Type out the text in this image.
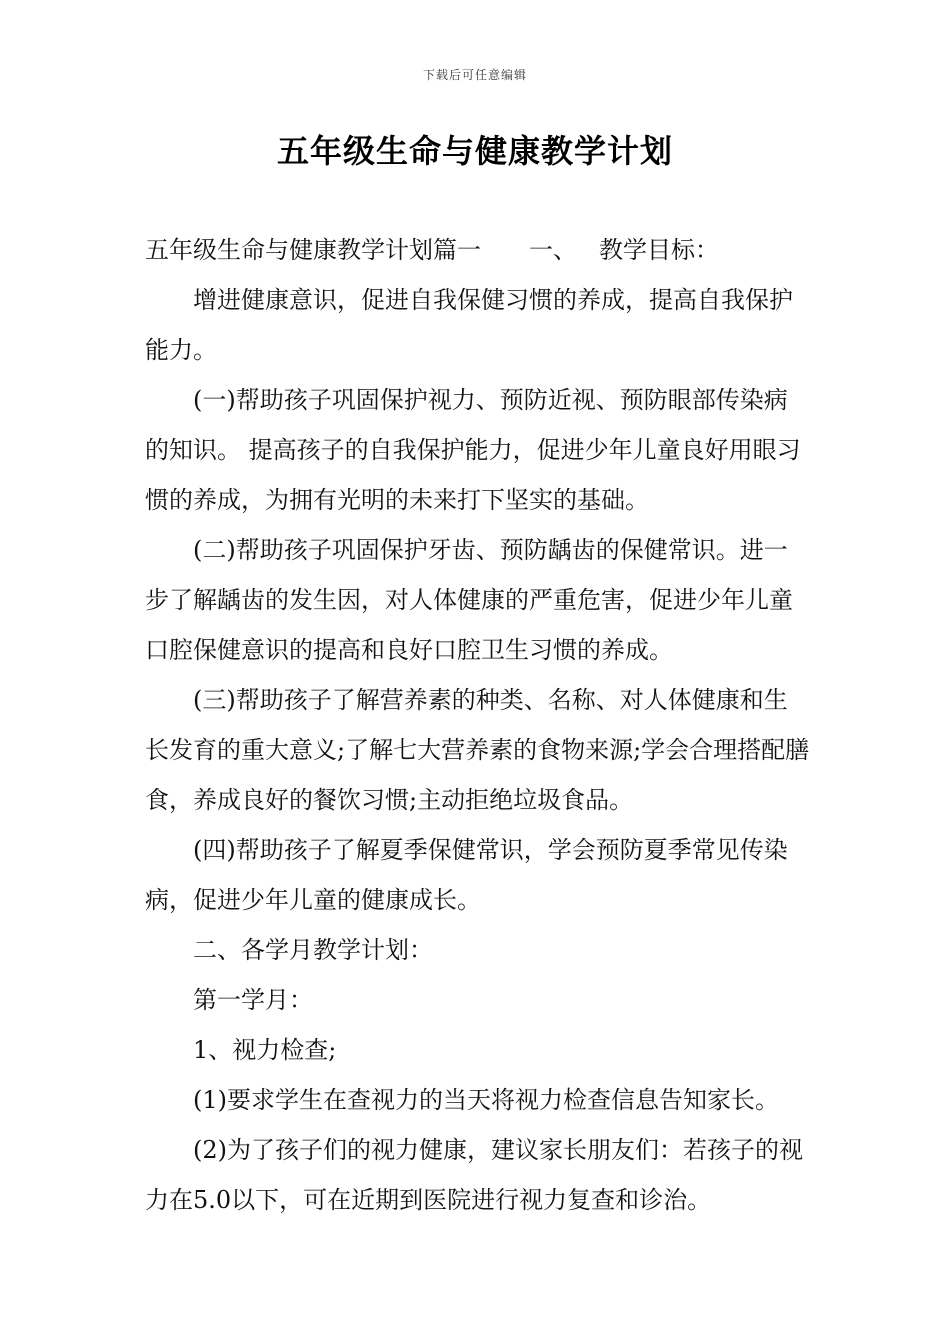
下载后可任意编辑
五年级生命与健康教学计划

五年级生命与健康教学计划篇一 一、 教学目标：

增进健康意识，促进自我保健习惯的养成，提高自我保护能力。

(一)帮助孩子巩固保护视力、预防近视、预防眼部传染病的知识。 提高孩子的自我保护能力，促进少年儿童良好用眼习惯的养成，为拥有光明的未来打下坚实的基础。

(二)帮助孩子巩固保护牙齿、预防龋齿的保健常识。进一步了解龋齿的发生因，对人体健康的严重危害，促进少年儿童口腔保健意识的提高和良好口腔卫生习惯的养成。

(三)帮助孩子了解营养素的种类、名称、对人体健康和生长发育的重大意义;了解七大营养素的食物来源;学会合理搭配膳食，养成良好的餐饮习惯;主动拒绝垃圾食品。

(四)帮助孩子了解夏季保健常识，学会预防夏季常见传染病，促进少年儿童的健康成长。

二、各学月教学计划：

第一学月：

1、视力检查;

(1)要求学生在查视力的当天将视力检查信息告知家长。

(2)为了孩子们的视力健康，建议家长朋友们：若孩子的视力在5.0以下，可在近期到医院进行视力复查和诊治。
